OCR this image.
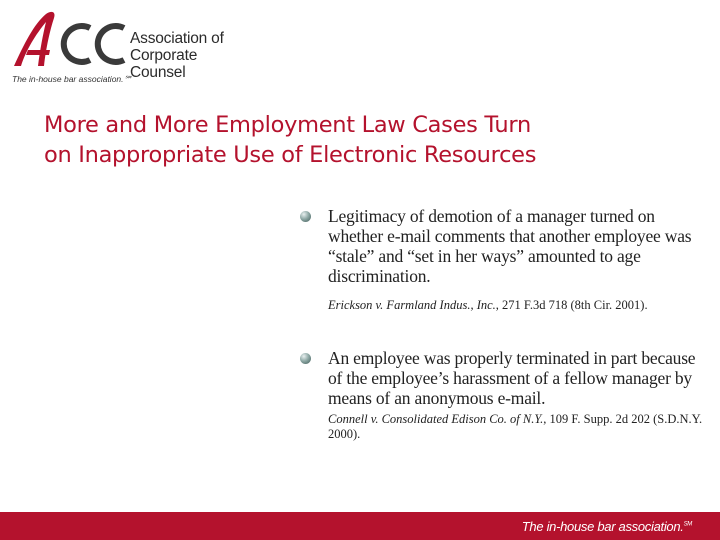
Association of
Corporate Counsel
The in-house bar association.℠
More and More Employment Law Cases Turn
on Inappropriate Use of Electronic Resources
Legitimacy of demotion of a manager turned on whether e-mail comments that another employee was “stale” and “set in her ways” amounted to age discrimination.
Erickson v. Farmland Indus., Inc., 271 F.3d 718 (8th Cir. 2001).
An employee was properly terminated in part because of the employee’s harassment of a fellow manager by means of an anonymous e-mail.
Connell v. Consolidated Edison Co. of N.Y., 109 F. Supp. 2d 202 (S.D.N.Y. 2000).
The in-house bar association.℠
